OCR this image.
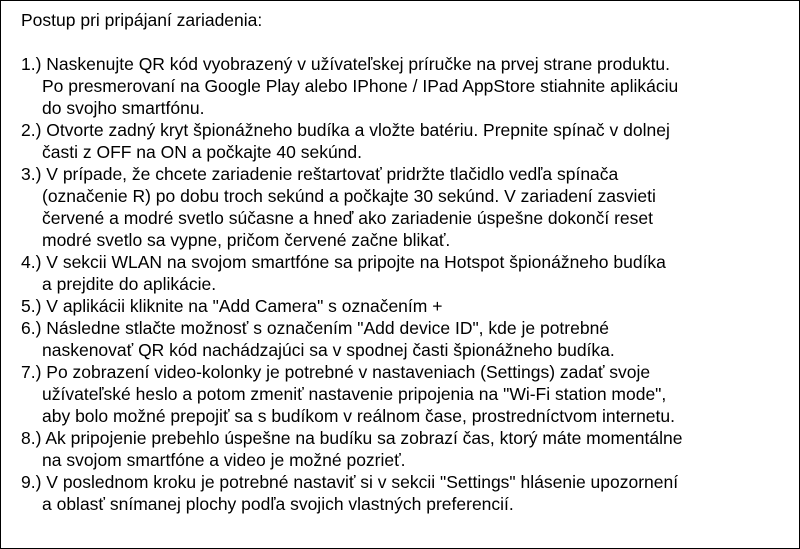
Postup pri pripájaní zariadenia:

1.) Naskenujte QR kód vyobrazený v užívateľskej príručke na prvej strane produktu.
Po presmerovaní na Google Play alebo IPhone / IPad AppStore stiahnite aplikáciu
do svojho smartfónu.
2.) Otvorte zadný kryt špionážneho budíka a vložte batériu. Prepnite spínač v dolnej
časti z OFF na ON a počkajte 40 sekúnd.
3.) V prípade, že chcete zariadenie reštartovať pridržte tlačidlo vedľa spínača
(označenie R) po dobu troch sekúnd a počkajte 30 sekúnd. V zariadení zasvieti
červené a modré svetlo súčasne a hneď ako zariadenie úspešne dokončí reset
modré svetlo sa vypne, pričom červené začne blikať.
4.) V sekcii WLAN na svojom smartfóne sa pripojte na Hotspot špionážneho budíka
a prejdite do aplikácie.
5.) V aplikácii kliknite na "Add Camera" s označením +
6.) Následne stlačte možnosť s označením "Add device ID", kde je potrebné
naskenovať QR kód nachádzajúci sa v spodnej časti špionážneho budíka.
7.) Po zobrazení video-kolonky je potrebné v nastaveniach (Settings) zadať svoje
užívateľské heslo a potom zmeniť nastavenie pripojenia na "Wi-Fi station mode",
aby bolo možné prepojiť sa s budíkom v reálnom čase, prostredníctvom internetu.
8.) Ak pripojenie prebehlo úspešne na budíku sa zobrazí čas, ktorý máte momentálne
na svojom smartfóne a video je možné pozrieť.
9.) V poslednom kroku je potrebné nastaviť si v sekcii "Settings" hlásenie upozornení
a oblasť snímanej plochy podľa svojich vlastných preferencií.
